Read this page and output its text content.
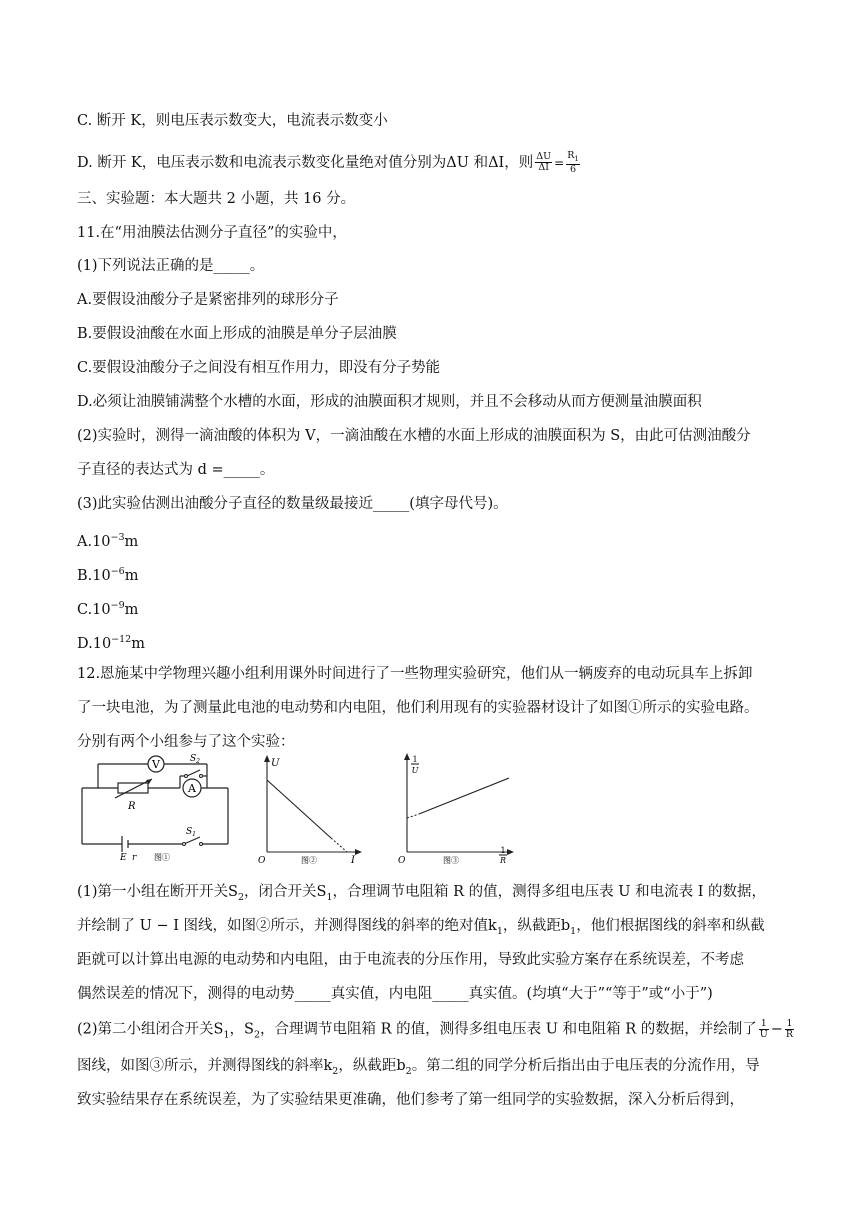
C. 断开 K，则电压表示数变大，电流表示数变小
D. 断开 K，电压表示数和电流表示数变化量绝对值分别为ΔU 和ΔI，则 $\frac{\Delta U}{\Delta I} = \frac{R_1}{6}$
三、实验题：本大题共 2 小题，共 16 分。
11.在“用油膜法估测分子直径”的实验中，
(1)下列说法正确的是_____。
A.要假设油酸分子是紧密排列的球形分子
B.要假设油酸在水面上形成的油膜是单分子层油膜
C.要假设油酸分子之间没有相互作用力，即没有分子势能
D.必须让油膜铺满整个水槽的水面，形成的油膜面积才规则，并且不会移动从而方便测量油膜面积
(2)实验时，测得一滴油酸的体积为 V，一滴油酸在水槽的水面上形成的油膜面积为 S，由此可估测油酸分
子直径的表达式为 d =_____。
(3)此实验估测出油酸分子直径的数量级最接近_____(填字母代号)。
$A.10^{-3}m$
$B.10^{-6}m$
$C.10^{-9}m$
$D.10^{-12}m$
12.恩施某中学物理兴趣小组利用课外时间进行了一些物理实验研究，他们从一辆废弃的电动玩具车上拆卸
了一块电池，为了测量此电池的电动势和内电阻，他们利用现有的实验器材设计了如图①所示的实验电路。
分别有两个小组参与了这个实验：
V
A
R
$S_2$
$S_1$
E r 图①
U
I
O	图②
1
U
1
R
O	图③
(1)第一小组在断开开关$S_2$，闭合开关$S_1$，合理调节电阻箱 R 的值，测得多组电压表 U 和电流表 I 的数据，
并绘制了 U − I 图线，如图②所示，并测得图线的斜率的绝对值$k_1$，纵截距$b_1$，他们根据图线的斜率和纵截
距就可以计算出电源的电动势和内电阻，由于电流表的分压作用，导致此实验方案存在系统误差，不考虑
偶然误差的情况下，测得的电动势_____真实值，内电阻_____真实值。(均填“大于”“等于”或“小于”)
(2)第二小组闭合开关$S_1$，$S_2$，合理调节电阻箱 R 的值，测得多组电压表 U 和电阻箱 R 的数据，并绘制了 $\frac{1}{U} - \frac{1}{R}$
图线，如图③所示，并测得图线的斜率$k_2$，纵截距$b_2$。第二组的同学分析后指出由于电压表的分流作用，导
致实验结果存在系统误差，为了实验结果更准确，他们参考了第一组同学的实验数据，深入分析后得到，
